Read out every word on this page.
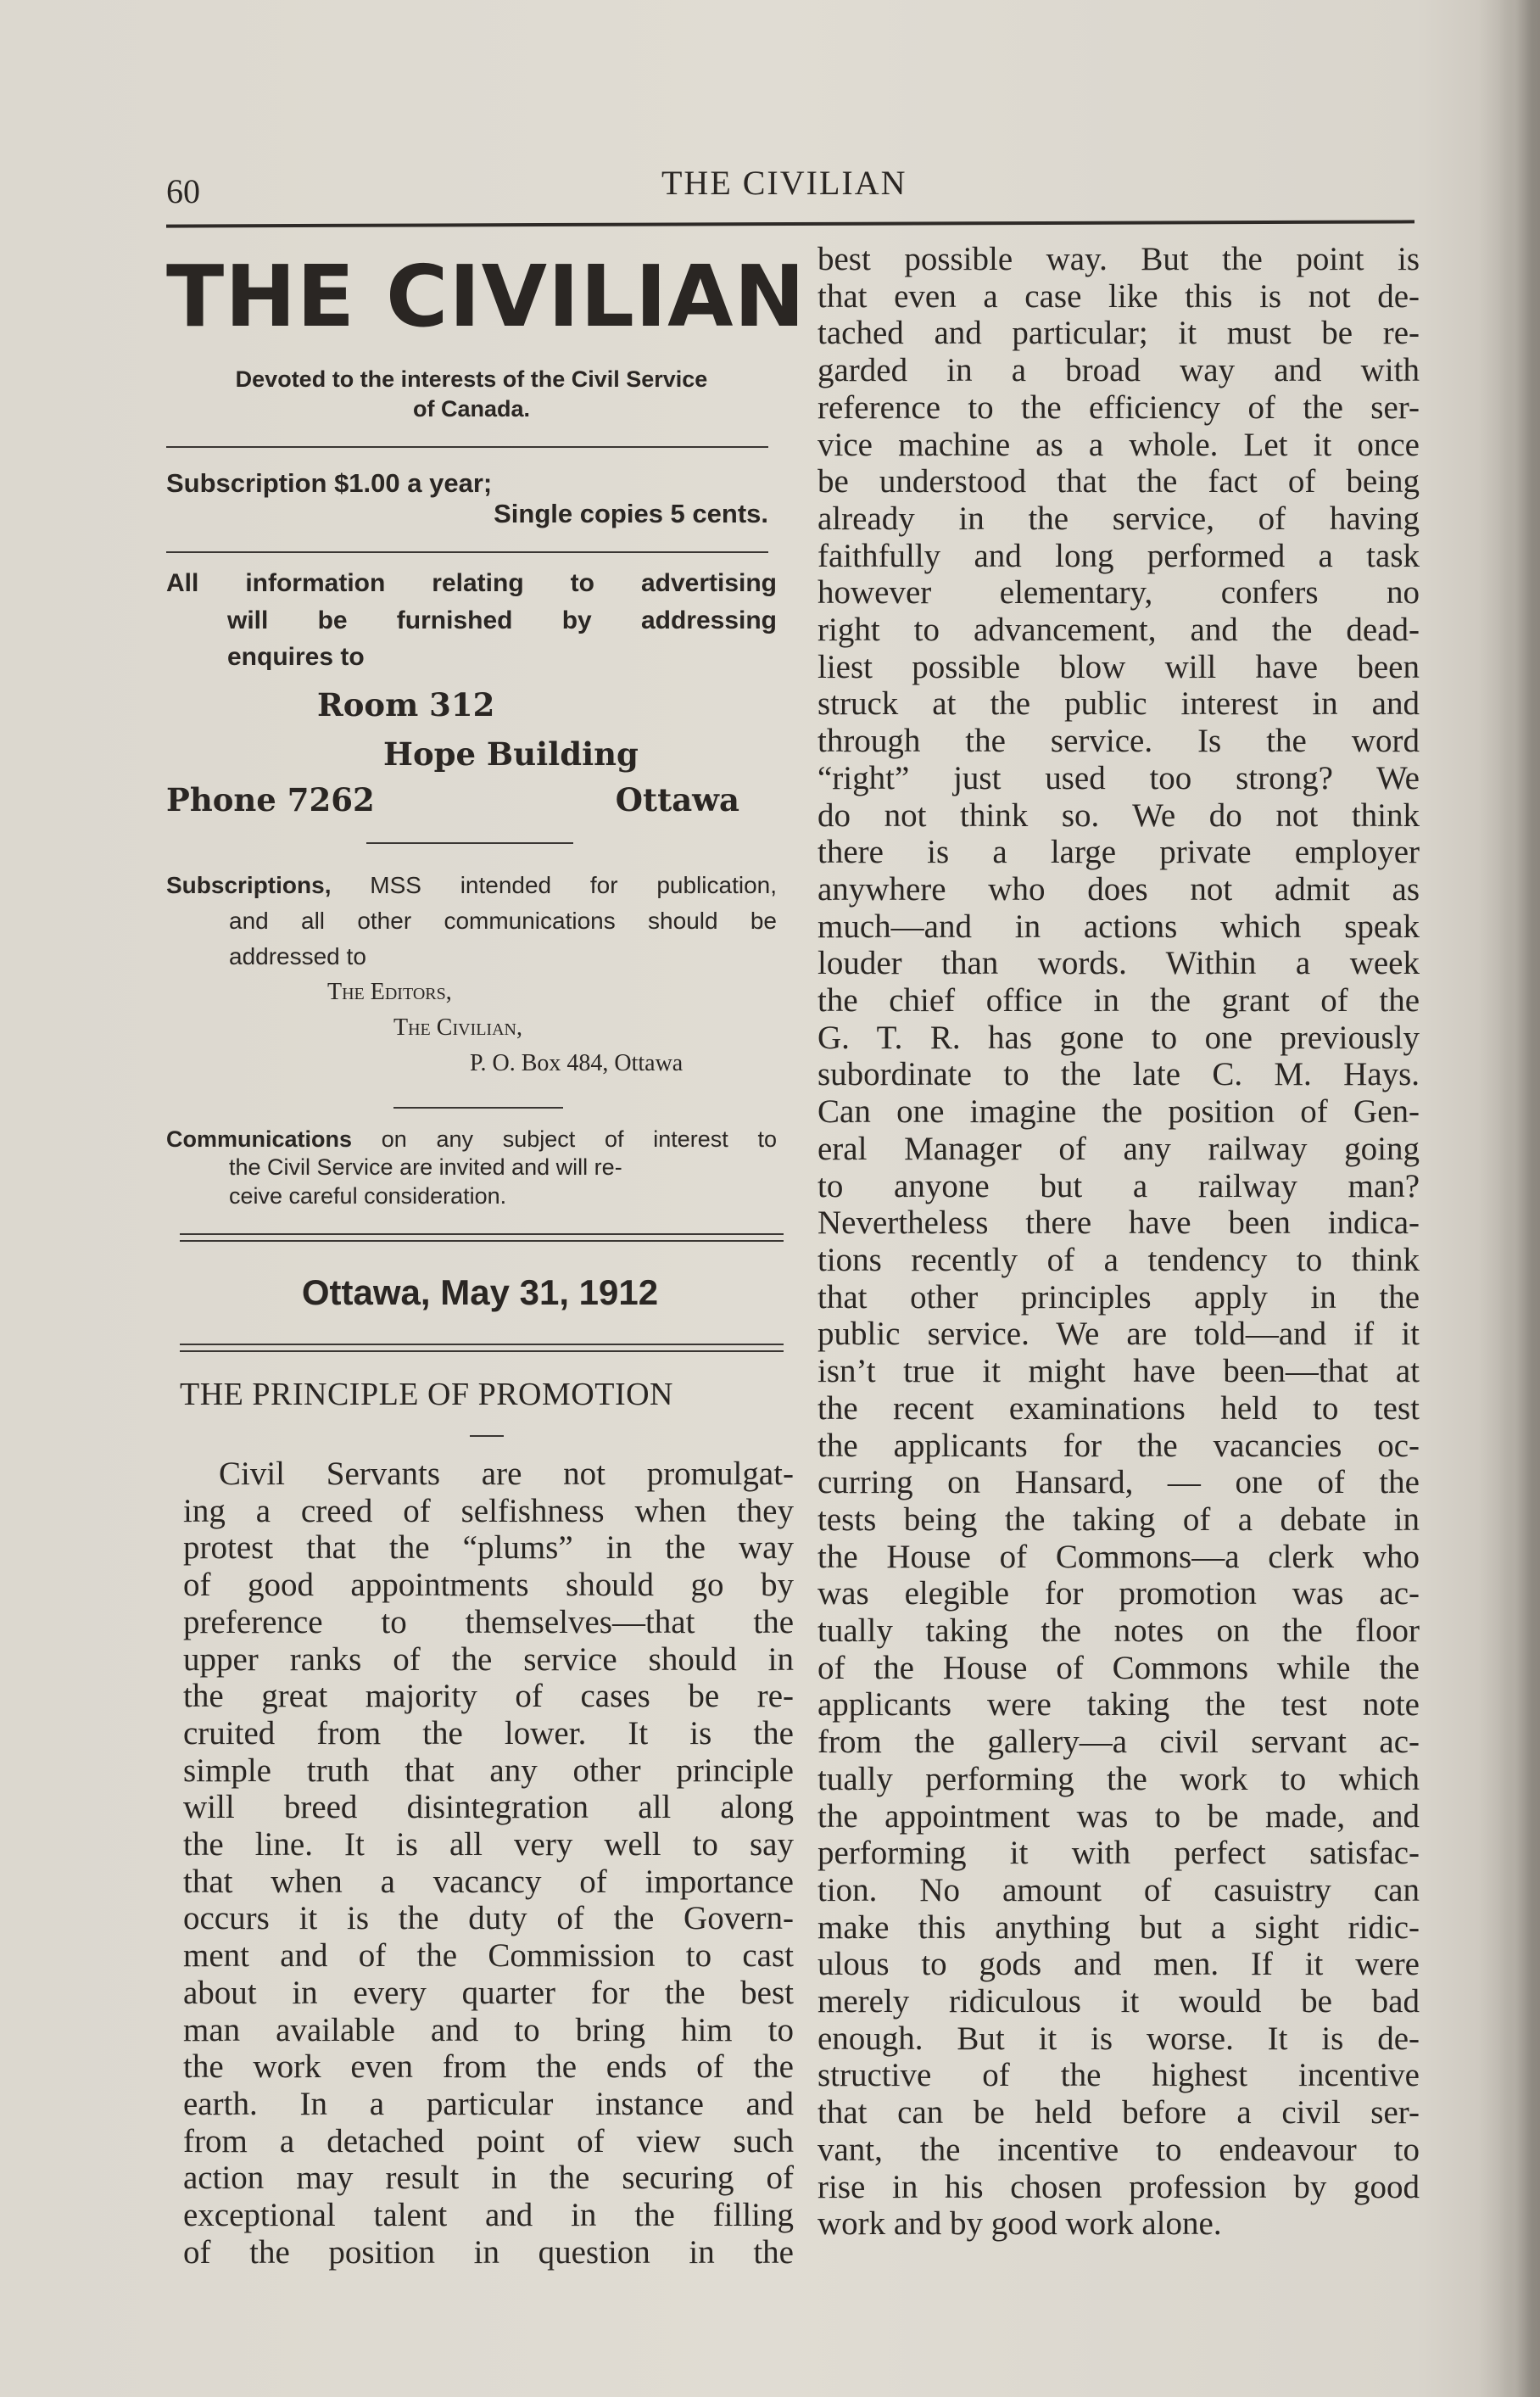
60	THE CIVILIAN
THE CIVILIAN
Devoted to the interests of the Civil Service
of Canada.
Subscription $1.00 a year;
Single copies 5 cents.
All information relating to advertising
will be furnished by addressing
enquires to
Room 312
Hope Building
Phone 7262	Ottawa
Subscriptions, MSS intended for publication,
and all other communications should be
addressed to
The Editors,
The Civilian,
P. O. Box 484, Ottawa
Communications on any subject of interest to
the Civil Service are invited and will re-
ceive careful consideration.
Ottawa, May 31, 1912
THE PRINCIPLE OF PROMOTION
Civil Servants are not promulgat-
ing a creed of selfishness when they
protest that the “plums” in the way
of good appointments should go by
preference to themselves—that the
upper ranks of the service should in
the great majority of cases be re-
cruited from the lower. It is the
simple truth that any other principle
will breed disintegration all along
the line. It is all very well to say
that when a vacancy of importance
occurs it is the duty of the Govern-
ment and of the Commission to cast
about in every quarter for the best
man available and to bring him to
the work even from the ends of the
earth. In a particular instance and
from a detached point of view such
action may result in the securing of
exceptional talent and in the filling
of the position in question in the
best possible way. But the point is
that even a case like this is not de-
tached and particular; it must be re-
garded in a broad way and with
reference to the efficiency of the ser-
vice machine as a whole. Let it once
be understood that the fact of being
already in the service, of having
faithfully and long performed a task
however elementary, confers no
right to advancement, and the dead-
liest possible blow will have been
struck at the public interest in and
through the service. Is the word
“right” just used too strong? We
do not think so. We do not think
there is a large private employer
anywhere who does not admit as
much—and in actions which speak
louder than words. Within a week
the chief office in the grant of the
G. T. R. has gone to one previously
subordinate to the late C. M. Hays.
Can one imagine the position of Gen-
eral Manager of any railway going
to anyone but a railway man?
Nevertheless there have been indica-
tions recently of a tendency to think
that other principles apply in the
public service. We are told—and if it
isn’t true it might have been—that at
the recent examinations held to test
the applicants for the vacancies oc-
curring on Hansard, — one of the
tests being the taking of a debate in
the House of Commons—a clerk who
was elegible for promotion was ac-
tually taking the notes on the floor
of the House of Commons while the
applicants were taking the test note
from the gallery—a civil servant ac-
tually performing the work to which
the appointment was to be made, and
performing it with perfect satisfac-
tion. No amount of casuistry can
make this anything but a sight ridic-
ulous to gods and men. If it were
merely ridiculous it would be bad
enough. But it is worse. It is de-
structive of the highest incentive
that can be held before a civil ser-
vant, the incentive to endeavour to
rise in his chosen profession by good
work and by good work alone.
